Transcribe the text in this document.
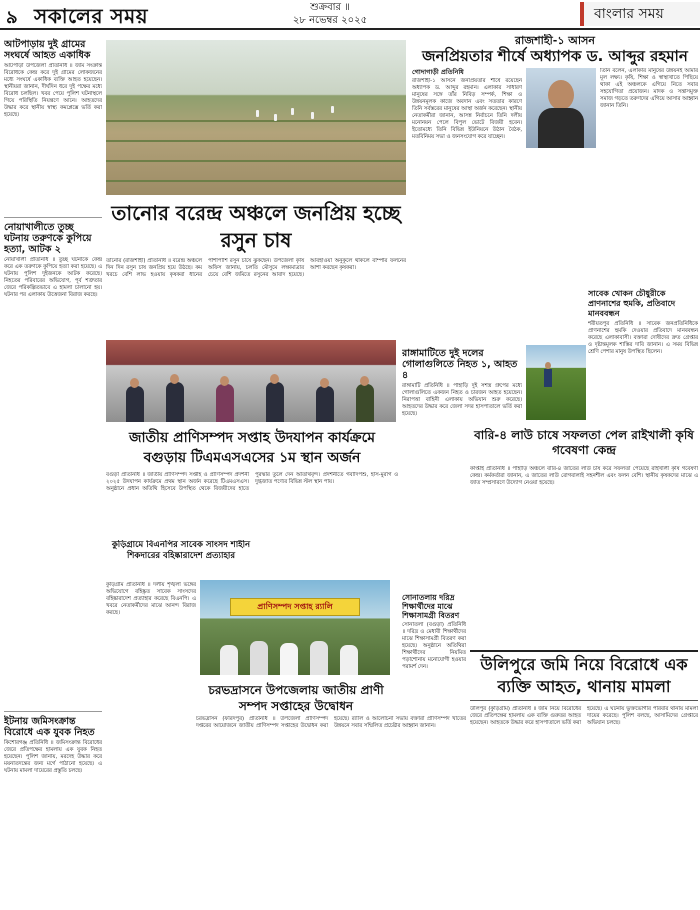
৯ সকালের সময়	শুক্রবার ॥
২৮ নভেম্বর ২০২৫	বাংলার সময়
আটপাড়ায় দুই গ্রামের সংঘর্ষে আহত একাধিক
আটপাড়া উপজেলা প্রতিনিধি ॥ জমি সংক্রান্ত বিরোধকে কেন্দ্র করে দুই গ্রামের লোকজনের মধ্যে সংঘর্ষে একাধিক ব্যক্তি আহত হয়েছেন। স্থানীয়রা জানান, দীর্ঘদিন ধরে দুই পক্ষের মধ্যে বিরোধ চলছিল। খবর পেয়ে পুলিশ ঘটনাস্থলে গিয়ে পরিস্থিতি নিয়ন্ত্রণে আনে। আহতদের উদ্ধার করে স্থানীয় স্বাস্থ্য কমপ্লেক্সে ভর্তি করা হয়েছে।
নোয়াখালীতে তুচ্ছ ঘটনায় তরুণকে কুপিয়ে হত্যা, আটক ২
নোয়াখালী প্রতিনিধি ॥ তুচ্ছ ঘটনাকে কেন্দ্র করে এক তরুণকে কুপিয়ে হত্যা করা হয়েছে। এ ঘটনায় পুলিশ দুইজনকে আটক করেছে। নিহতের পরিবারের অভিযোগ, পূর্ব শত্রুতার জেরে পরিকল্পিতভাবে এ হামলা চালানো হয়। ঘটনার পর এলাকায় উত্তেজনা বিরাজ করছে।
ইটনায় জমিসংক্রান্ত বিরোধে এক যুবক নিহত
কিশোরগঞ্জ প্রতিনিধি ॥ জমিসংক্রান্ত বিরোধের জেরে প্রতিপক্ষের হামলায় এক যুবক নিহত হয়েছেন। পুলিশ জানায়, মরদেহ উদ্ধার করে ময়নাতদন্তের জন্য মর্গে পাঠানো হয়েছে। এ ঘটনায় মামলা দায়েরের প্রস্তুতি চলছে।
রাজশাহী-১ আসন
জনপ্রিয়তার শীর্ষে অধ্যাপক ড. আব্দুর রহমান
গোদাগাড়ী প্রতিনিধি
রাজশাহী-১ আসনে জনপ্রিয়তার শীর্ষে রয়েছেন অধ্যাপক ড. আব্দুর রহমান। এলাকার সাধারণ মানুষের সঙ্গে তাঁর নিবিড় সম্পর্ক, শিক্ষা ও উন্নয়নমূলক কাজে অবদান এবং সততার কারণে তিনি সর্বস্তরের মানুষের আস্থা অর্জন করেছেন। স্থানীয় নেতাকর্মীরা জানান, আসন্ন নির্বাচনে তিনি দলীয় মনোনয়ন পেলে বিপুল ভোটে বিজয়ী হবেন। ইতোমধ্যে তিনি বিভিন্ন ইউনিয়নে উঠান বৈঠক, মতবিনিময় সভা ও জনসংযোগ করে যাচ্ছেন।
তিনি বলেন, এলাকার মানুষের উন্নয়নই আমার মূল লক্ষ্য। কৃষি, শিক্ষা ও স্বাস্থ্যখাতে পিছিয়ে থাকা এই অঞ্চলকে এগিয়ে নিতে সবার সহযোগিতা প্রয়োজন। মাদক ও সন্ত্রাসমুক্ত সমাজ গড়তে তরুণদের এগিয়ে আসার আহ্বান জানান তিনি।
তানোর বরেন্দ্র অঞ্চলে জনপ্রিয় হচ্ছে রসুন চাষ
তানোর (রাজশাহী) প্রতিনিধি ॥ বরেন্দ্র অঞ্চলে দিন দিন রসুন চাষ জনপ্রিয় হয়ে উঠছে। কম খরচে বেশি লাভ হওয়ায় কৃষকরা ধানের পাশাপাশি রসুন চাষে ঝুঁকছেন। উপজেলা কৃষি অফিস জানায়, চলতি মৌসুমে লক্ষ্যমাত্রার চেয়ে বেশি জমিতে রসুনের আবাদ হয়েছে। আবহাওয়া অনুকূলে থাকলে বাম্পার ফলনের আশা করছেন কৃষকরা।
জাতীয় প্রাণিসম্পদ সপ্তাহ উদযাপন কার্যক্রমে বগুড়ায় টিএমএসএসের ১ম স্থান অর্জন
বগুড়া প্রতিনিধি ॥ জাতীয় প্রাণিসম্পদ সপ্তাহ ও প্রাণিসম্পদ প্রদর্শনী ২০২৫ উদযাপন কার্যক্রমে প্রথম স্থান অর্জন করেছে টিএমএসএস। অনুষ্ঠানে প্রধান অতিথি হিসেবে উপস্থিত থেকে বিজয়ীদের হাতে পুরস্কার তুলে দেন অতিথিবৃন্দ। প্রদর্শনীতে গবাদিপশু, হাঁস-মুরগি ও দুগ্ধজাত পণ্যের বিভিন্ন স্টল স্থান পায়।
রাঙ্গামাটিতে দুই দলের গোলাগুলিতে নিহত ১, আহত ৪
রাঙ্গামাটি প্রতিনিধি ॥ পাহাড়ি দুই সশস্ত্র গ্রুপের মধ্যে গোলাগুলিতে একজন নিহত ও চারজন আহত হয়েছেন। নিরাপত্তা বাহিনী এলাকায় অভিযান শুরু করেছে। আহতদের উদ্ধার করে জেলা সদর হাসপাতালে ভর্তি করা হয়েছে।
সাবেক খোকন চৌধুরীকে প্রাণনাশের হুমকি, প্রতিবাদে মানববন্ধন
শরীয়তপুর প্রতিনিধি ॥ সাবেক জনপ্রতিনিধিকে প্রাণনাশের হুমকি দেওয়ার প্রতিবাদে মানববন্ধন করেছে এলাকাবাসী। বক্তারা দোষীদের দ্রুত গ্রেপ্তার ও দৃষ্টান্তমূলক শাস্তির দাবি জানান। এ সময় বিভিন্ন শ্রেণি পেশার মানুষ উপস্থিত ছিলেন।
বারি-৪ লাউ চাষে সফলতা পেল রাইখালী কৃষি গবেষণা কেন্দ্র
কাপ্তাই প্রতিনিধি ॥ পাহাড়ি অঞ্চলে বারি-৪ জাতের লাউ চাষ করে সফলতা পেয়েছে রাইখালী কৃষি গবেষণা কেন্দ্র। কর্মকর্তারা জানান, এ জাতের লাউ রোগবালাই সহনশীল এবং ফলন বেশি। স্থানীয় কৃষকদের মাঝে এ জাত সম্প্রসারণে উদ্যোগ নেওয়া হয়েছে।
কুড়িগ্রামে বিএনপির সাবেক সাংসদ শাহীন শিকদারের বহিষ্কারাদেশ প্রত্যাহার
কুড়িগ্রাম প্রতিনিধি ॥ দলীয় শৃঙ্খলা ভঙ্গের অভিযোগে বহিষ্কৃত সাবেক সাংসদের বহিষ্কারাদেশ প্রত্যাহার করেছে বিএনপি। এ খবরে নেতাকর্মীদের মাঝে আনন্দ বিরাজ করছে।
প্রাণিসম্পদ সপ্তাহ র‍্যালি
চরভদ্রাসনে উপজেলায় জাতীয় প্রাণী সম্পদ সপ্তাহের উদ্বোধন
চরভদ্রাসন (ফরিদপুর) প্রতিনিধি ॥ উপজেলা প্রাণিসম্পদ দপ্তরের আয়োজনে জাতীয় প্রাণিসম্পদ সপ্তাহের উদ্বোধন করা হয়েছে। র‍্যালি ও আলোচনা সভায় বক্তারা প্রাণিসম্পদ খাতের উন্নয়নে সবার সম্মিলিত প্রচেষ্টার আহ্বান জানান।
সোনাতলায় দরিদ্র শিক্ষার্থীদের মাঝে শিক্ষাসামগ্রী বিতরণ
সোনাতলা (বগুড়া) প্রতিনিধি ॥ দরিদ্র ও মেধাবী শিক্ষার্থীদের মাঝে শিক্ষাসামগ্রী বিতরণ করা হয়েছে। অনুষ্ঠানে অতিথিরা শিক্ষার্থীদের নিয়মিত পড়াশোনায় মনোযোগী হওয়ার পরামর্শ দেন।	উলিপুরে জমি নিয়ে বিরোধে এক ব্যক্তি আহত, থানায় মামলা
উলিপুর (কুড়িগ্রাম) প্রতিনিধি ॥ জমি নিয়ে বিরোধের জেরে প্রতিপক্ষের হামলায় এক ব্যক্তি গুরুতর আহত হয়েছেন। আহতকে উদ্ধার করে হাসপাতালে ভর্তি করা হয়েছে। এ ঘটনায় ভুক্তভোগীর পরিবার থানায় মামলা দায়ের করেছে। পুলিশ বলছে, আসামিদের গ্রেপ্তারে অভিযান চলছে।
